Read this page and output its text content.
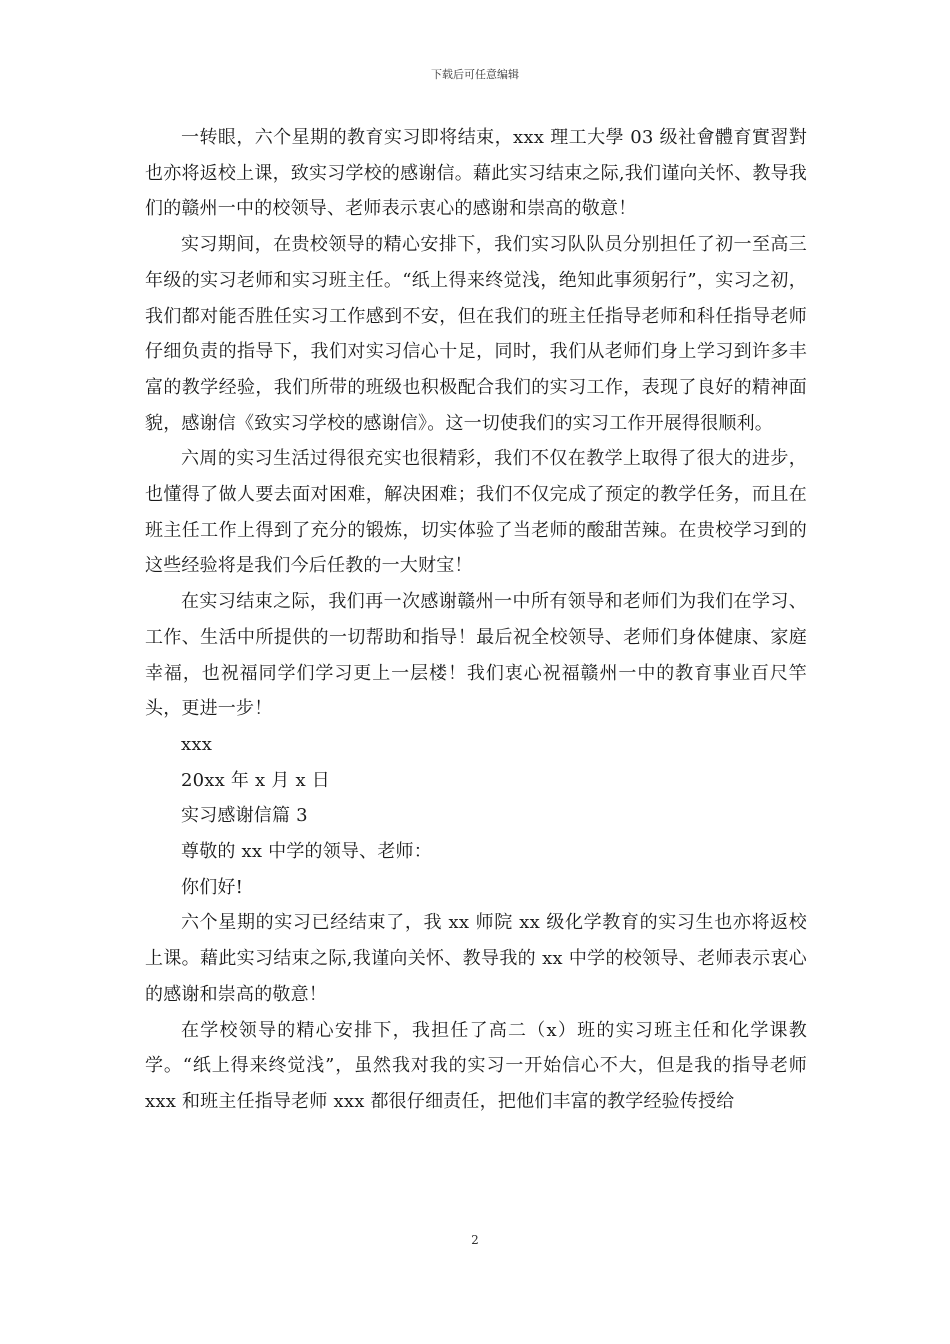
下载后可任意编辑

一转眼，六个星期的教育实习即将结束，xxx 理工大學 03 级社會體育實習對也亦将返校上课，致实习学校的感谢信。藉此实习结束之际,我们谨向关怀、教导我们的赣州一中的校领导、老师表示衷心的感谢和崇高的敬意！

实习期间，在贵校领导的精心安排下，我们实习队队员分别担任了初一至高三年级的实习老师和实习班主任。“纸上得来终觉浅，绝知此事须躬行”，实习之初，我们都对能否胜任实习工作感到不安，但在我们的班主任指导老师和科任指导老师仔细负责的指导下，我们对实习信心十足，同时，我们从老师们身上学习到许多丰富的教学经验，我们所带的班级也积极配合我们的实习工作，表现了良好的精神面貌，感谢信《致实习学校的感谢信》。这一切使我们的实习工作开展得很顺利。

六周的实习生活过得很充实也很精彩，我们不仅在教学上取得了很大的进步，也懂得了做人要去面对困难，解决困难；我们不仅完成了预定的教学任务，而且在班主任工作上得到了充分的锻炼，切实体验了当老师的酸甜苦辣。在贵校学习到的这些经验将是我们今后任教的一大财宝！

在实习结束之际，我们再一次感谢赣州一中所有领导和老师们为我们在学习、工作、生活中所提供的一切帮助和指导！最后祝全校领导、老师们身体健康、家庭幸福，也祝福同学们学习更上一层楼！我们衷心祝福赣州一中的教育事业百尺竿头，更进一步！

xxx

20xx 年 x 月 x 日

实习感谢信篇 3

尊敬的 xx 中学的领导、老师：

你们好!

六个星期的实习已经结束了，我 xx 师院 xx 级化学教育的实习生也亦将返校上课。藉此实习结束之际,我谨向关怀、教导我的 xx 中学的校领导、老师表示衷心的感谢和崇高的敬意！

在学校领导的精心安排下，我担任了高二（x）班的实习班主任和化学课教学。“纸上得来终觉浅”，虽然我对我的实习一开始信心不大，但是我的指导老师 xxx 和班主任指导老师 xxx 都很仔细责任，把他们丰富的教学经验传授给

2
